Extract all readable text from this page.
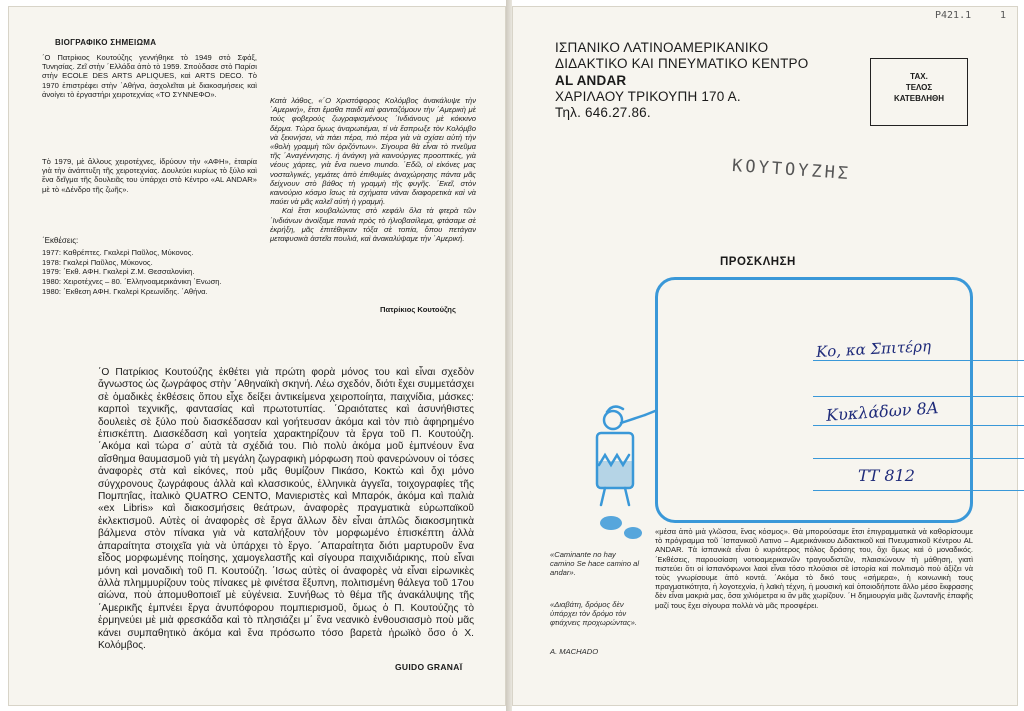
ΒΙΟΓΡΑΦΙΚΟ ΣΗΜΕΙΩΜΑ
΄Ο Πατρίκιος Κουτούζης γεννήθηκε τὸ 1949 στὸ Σφάξ, Τυνησίας. Ζεῖ στὴν ΄Ελλάδα ἀπὸ τὸ 1959. Σπούδασε στὸ Παρίσι στὴν ECOLE DES ARTS APLIQUES, καὶ ARTS DECO. Τὸ 1970 ἐπιστρέφει στὴν ΄Αθήνα, ἀσχολεῖται μὲ διακοσμήσεις καὶ ἀνοίγει τὸ ἐργαστήρι χειροτεχνίας «ΤΟ ΣΥΝΝΕΦΟ».
Τὸ 1979, μὲ ἄλλους χειροτέχνες, ἱδρύουν τὴν «ΑΦΗ», ἑταιρία γιὰ τὴν ἀνάπτυξη τῆς χειροτεχνίας. Δουλεύει κυρίως τὸ ξύλο καὶ ἕνα δεῖγμα τῆς δουλειᾶς του ὑπάρχει στὸ Κέντρο «AL ANDAR» μὲ τὸ «Δένδρο τῆς ζωῆς».
΄Εκθέσεις:
1977: Καθρέπτες. Γκαλερὶ Παῦλος, Μύκονος.
1978: Γκαλερὶ Παῦλος, Μύκονος.
1979: ΄Εκθ. ΑΦΗ. Γκαλερὶ Ζ.Μ. Θεσσαλονίκη.
1980: Χειροτέχνες – 80. ΄Ελληνοαμερικάνικη ΄Ενωση.
1980: ΄Εκθεση ΑΦΗ. Γκαλερὶ Κρεωνίδης. ΄Αθήνα.
Κατὰ λάθος, «΄Ο Χριστόφορος Κολόμβος ἀνακάλυψε τὴν ΄Αμερική», ἔτσι ἔμαθα παιδὶ καὶ φανταζόμουν τὴν ΄Αμερικὴ μὲ τοὺς φοβεροὺς ζωγραφισμένους ΄Ινδιάνους μὲ κόκκινο δέρμα. Τώρα ὅμως ἀναρωτιέμαι, τί νὰ ἔσπρωξε τὸν Κολόμβο νὰ ξεκινήσει, νὰ πάει πέρα, πιὸ πέρα γιὰ νὰ σχίσει αὐτὴ τὴν «θολὴ γραμμὴ τῶν ὁριζόντων». Σίγουρα θὰ εἶναι τὸ πνεῦμα τῆς ΄Αναγέννησης. ἡ ἀνάγκη γιὰ καινούργιες προοπτικές, γιὰ νέους χάρτες, γιὰ ἕνα nuevo mundo. ΄Εδῶ, οἱ εἰκόνες μας νοσταλγικές, γεμάτες ἀπὸ ἐπιθυμίες ἀναχώρησης πάντα μᾶς δείχνουν στὸ βάθος τὴ γραμμὴ τῆς φυγῆς. ΄Εκεῖ, στὸν καινούριο κόσμο ἴσως τὰ σχήματα νάναι διαφορετικὰ καὶ νὰ παύει νὰ μᾶς καλεῖ αὐτὴ ἡ γραμμή.
Καὶ ἔτσι κουβαλώντας στὸ κεφάλι ὅλα τὰ φτερὰ τῶν ΄Ινδιάνων ἀνοίξαμε πανιὰ πρὸς τὸ ἡλιοβασίλεμα, φτάσαμε σὲ ἐκρήξη, μᾶς ἐπιτέθηκαν τόξα σὲ τοπία, ὅπου πετάγαν μεταφυσικὰ ἀστεῖα πουλιά, καὶ ἀνακαλύψαμε τὴν ΄Αμερική.
Πατρίκιος Κουτούζης
΄Ο Πατρίκιος Κουτούζης ἐκθέτει γιὰ πρώτη φορὰ μόνος του καὶ εἶναι σχεδὸν ἄγνωστος ὡς ζωγράφος στὴν ΄Αθηναϊκὴ σκηνή. Λέω σχεδόν, διότι ἔχει συμμετάσχει σὲ ὁμαδικὲς ἐκθέσεις ὅπου εἶχε δείξει ἀντικείμενα χειροποίητα, παιχνίδια, μάσκες: καρποὶ τεχνικῆς, φαντασίας καὶ πρωτοτυπίας. ΄Ωραιότατες καὶ ἀσυνήθιστες δουλειὲς σὲ ξύλο ποὺ διασκέδασαν καὶ γοήτευσαν ἀκόμα καὶ τὸν πιὸ ἀφηρημένο ἐπισκέπτη. Διασκέδαση καὶ γοητεία χαρακτηρίζουν τὰ ἔργα τοῦ Π. Κουτούζη. ΄Ακόμα καὶ τώρα σ΄ αὐτὰ τὰ σχέδιά του. Πιὸ πολὺ ἀκόμα μοῦ ἐμπνέουν ἕνα αἴσθημα θαυμασμοῦ γιὰ τὴ μεγάλη ζωγραφικὴ μόρφωση ποὺ φανερώνουν οἱ τόσες ἀναφορὲς στὰ καὶ εἰκόνες, ποὺ μᾶς θυμίζουν Πικάσο, Κοκτὼ καὶ ὄχι μόνο σύγχρονους ζωγράφους ἀλλὰ καὶ κλασσικούς, ἑλληνικὰ ἀγγεῖα, τοιχογραφίες τῆς Πομπηΐας, ἰταλικὸ QUATRO CENTO, Μανιεριστὲς καὶ Μπαρόκ, ἀκόμα καὶ παλιὰ «ex Libris» καὶ διακοσμήσεις θεάτρων, ἀναφορὲς πραγματικὰ εὐρωπαϊκοῦ ἐκλεκτισμοῦ. Αὐτὲς οἱ ἀναφορὲς σὲ ἔργα ἄλλων δὲν εἶναι ἁπλῶς διακοσμητικὰ βάλμενα στὸν πίνακα γιὰ νὰ καταλήξουν τὸν μορφωμένο ἐπισκέπτη ἀλλὰ ἀπαραίτητα στοιχεῖα γιὰ νὰ ὑπάρχει τὸ ἔργο. ΄Απαραίτητα διότι μαρτυροῦν ἕνα εἶδος μορφωμένης ποίησης, χαμογελαστῆς καὶ σίγουρα παιχνιδιάρικης, ποὺ εἶναι μόνη καὶ μοναδικὴ τοῦ Π. Κουτούζη. ΄Ισως αὐτὲς οἱ ἀναφορὲς νὰ εἶναι εἰρωνικὲς ἀλλὰ πλημμυρίζουν τοὺς πίνακες μὲ φινέτσα ἔξυπνη, πολιτισμένη θάλεγα τοῦ 17ου αἰώνα, ποὺ ἀπομυθοποιεῖ μὲ εὐγένεια. Συνήθως τὸ θέμα τῆς ἀνακάλυψης τῆς ΄Αμερικῆς ἐμπνέει ἔργα ἀνυπόφορου πομπιερισμοῦ, ὅμως ὁ Π. Κουτούζης τὸ ἐρμηνεύει μὲ μιὰ φρεσκάδα καὶ τὸ πλησιάζει μ΄ ἕνα νεανικὸ ἐνθουσιασμὸ ποὺ μᾶς κάνει συμπαθητικὸ ἀκόμα καὶ ἕνα πρόσωπο τόσο βαρετὰ ἡρωϊκὸ ὅσο ὁ Χ. Κολόμβος.
GUIDO GRANAÏ
P421.1	1
ΙΣΠΑΝΙΚΟ ΛΑΤΙΝΟΑΜΕΡΙΚΑΝΙΚΟ
ΔΙΔΑΚΤΙΚΟ ΚΑΙ ΠΝΕΥΜΑΤΙΚΟ ΚΕΝΤΡΟ
AL ANDAR
ΧΑΡΙΛΑΟΥ ΤΡΙΚΟΥΠΗ 170 Α.
Τηλ. 646.27.86.
ΤΑΧ.
ΤΕΛΟΣ
ΚΑΤΕΒΛΗΘΗ
ΚΟΥΤΟΥΖΗΣ
ΠΡΟΣΚΛΗΣΗ
Κο, κα Σπιτέρη
Κυκλάδων 8Α
ΤΤ 812
«Caminante no hay camino Se hace camino al andar».
«Διαβάτη, δρόμος δὲν ὑπάρχει τὸν δρόμο τὸν φτιάχνεις προχωρώντας».
A. MACHADO
«μέσα ἀπὸ μιὰ γλῶσσα, ἕνας κόσμος». Θὰ μπορούσαμε ἔτσι ἐπιγραμματικὰ νὰ καθορίσουμε τὸ πρόγραμμα τοῦ ΄Ισπανικοῦ Λατινο – Αμερικάνικου Διδακτικοῦ καὶ Πνευματικοῦ Κέντρου AL ANDAR. Τὰ ἰσπανικὰ εἶναι ὁ κυριότερος πόλος δράσης του, ὄχι ὅμως καὶ ὁ μοναδικός. ΄Εκθέσεις, παρουσίαση νοτιοαμερικανῶν τραγουδιστῶν, πλαισιώνουν τὴ μάθηση, γιατὶ πιστεύει ὅτι οἱ ἰσπανόφωνοι λαοὶ εἶναι τόσο πλούσιοι σὲ ἱστορία καὶ πολιτισμὸ ποὺ ἀξίζει νὰ τοὺς γνωρίσουμε ἀπὸ κοντά. ΄Ακόμα τὸ δικό τους «σήμερα», ἡ κοινωνικὴ τους πραγματικότητα, ἡ λογοτεχνία, ἡ λαϊκὴ τέχνη, ἡ μουσικὴ καὶ ὁποιοδήποτε ἄλλο μέσο ἔκφρασης δὲν εἶναι μακριὰ μας, ὅσα χιλιόμετρα κι ἂν μᾶς χωρίζουν. ΄Η δημιουργία μιᾶς ζωντανῆς ἐπαφῆς μαζί τους ἔχει σίγουρα πολλὰ νὰ μᾶς προσφέρει.
